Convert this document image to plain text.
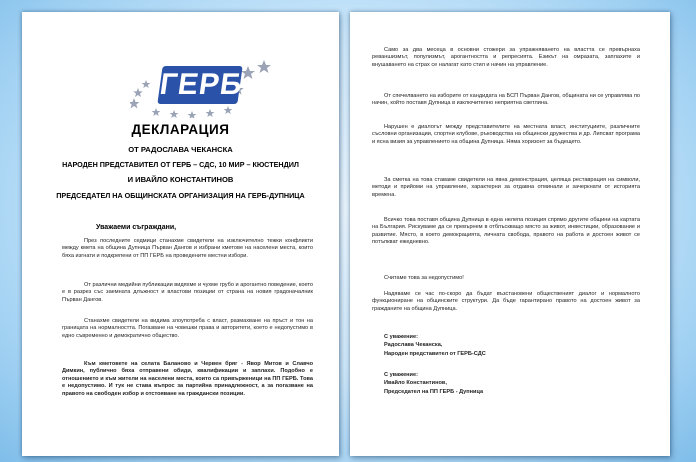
ГЕРБ
ДЕКЛАРАЦИЯ
ОТ РАДОСЛАВА ЧЕКАНСКА
НАРОДЕН ПРЕДСТАВИТЕЛ ОТ ГЕРБ – СДС, 10 МИР – КЮСТЕНДИЛ
И ИВАЙЛО КОНСТАНТИНОВ
ПРЕДСЕДАТЕЛ НА ОБЩИНСКАТА ОРГАНИЗАЦИЯ НА ГЕРБ-ДУПНИЦА
Уважаеми съграждани,
През последните седмици станахме свидетели на изключително тежки конфликти между кмета на община Дупница Първан Дангов и избрани кметове на населени места, които бяха изгнати и подкрепени от ПП ГЕРБ на проведените местни избори.
От различни медийни публикации видяхме и чухме грубо и арогантно поведение, което е в разрез със заемната длъжност и властови позиции от страна на новия градоначалник Първан Дангов.
Станахме свидетели на видима злоупотреба с власт, размахване на пръст и тон на границата на нормалността. Погазване на човешки права и авторитети, което е недопустимо в едно съвременно и демократично общество.
Към кметовете на селата Баланово и Червен бряг - Явор Митов и Славчо Димкин, публично бяха отправени обиди, квалификации и заплахи. Подобно е отношението и към жители на населени места, които са привърженици на ПП ГЕРБ. Това е недопустимо. И тук не става въпрос за партийна принадлежност, а за погазване на правото на свободен избор и отстояване на граждански позиции.
Само за два месеца в основни стожери за упражняването на властта се превърнаха реваншизмът, популизмът, арогантността и репресията. Езикът на омразата, заплахите и внушаването на страх се налагат като стил и начин на управление.
От спечелването на изборите от кандидата на БСП Първан Дангов, общината ни се управлява по начин, който поставя Дупница в изключително неприятна светлина.
Нарушен е диалогът между представителите на местната власт, институциите, различните съсловни организации, спортни клубове, ръководства на общински дружества и др. Липсват програма и ясна визия за управлението на община Дупница. Няма хоризонт за бъдещето.
За сметка на това ставаме свидетели на явна демонстрация, целяща реставрация на символи, методи и прийоми на управление, характерни за отдавна отминали и зачеркнати от историята времена.
Всичко това поставя община Дупница в една нелепа позиция спрямо другите общини на картата на България. Рискуваме да се превърнем в отблъскващо място за живот, инвестиции, образование и развитие. Място, в което демокрацията, личната свобода, правото на работа и достоен живот се потъпкват ежедневно.
Считаме това за недопустимо!
Надяваме се час по-скоро да бъдат възстановени общественият диалог и нормалното функциониране на общинските структури. Да бъде гарантирано правото на достоен живот за гражданите на община Дупница.
С уважение:
Радослава Чеканска,
Народен представител от ГЕРБ-СДС
С уважение:
Ивайло Константинов,
Председател на ПП ГЕРБ - Дупница
